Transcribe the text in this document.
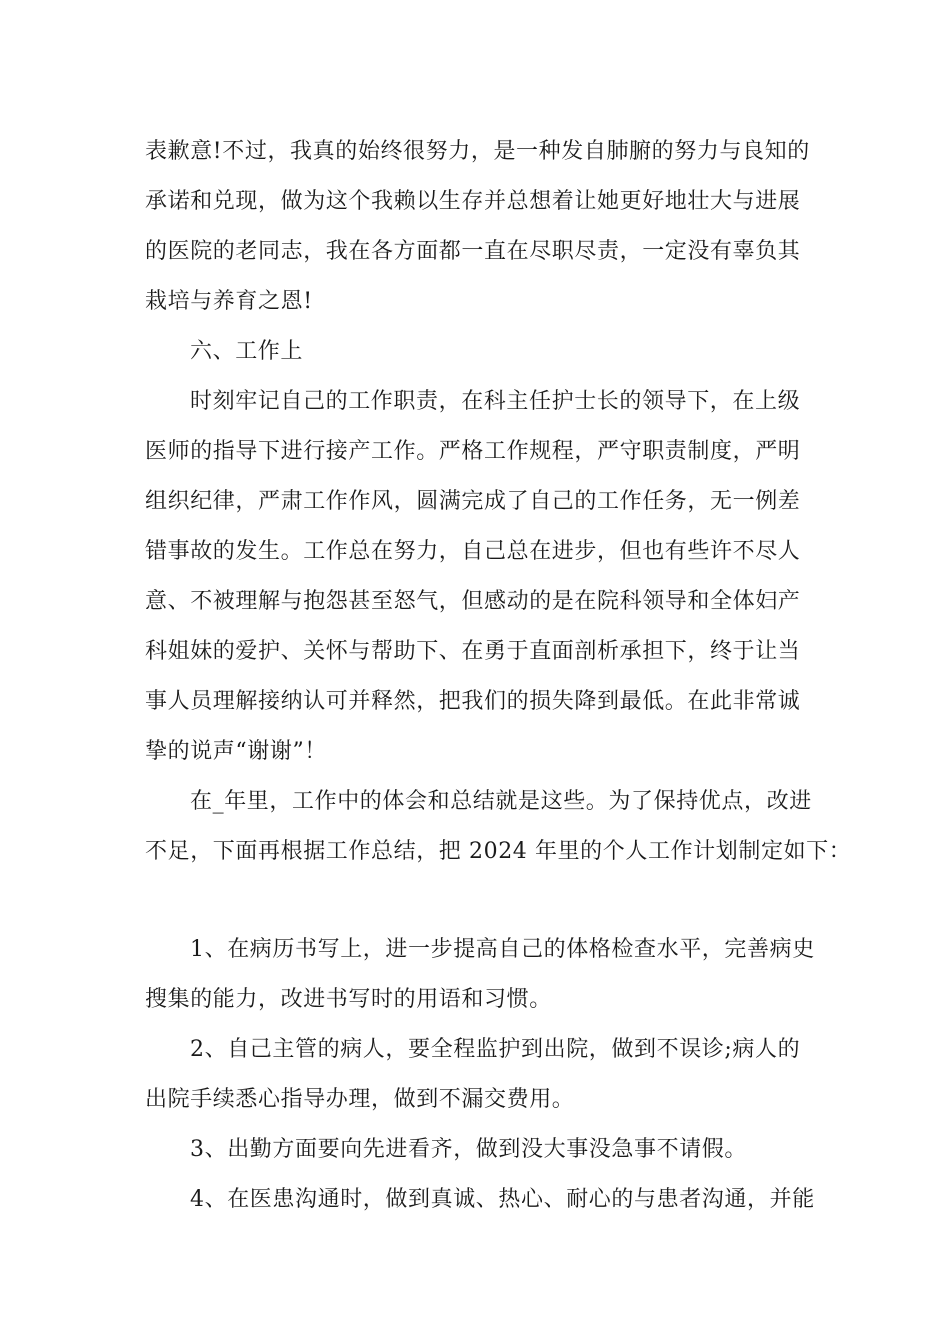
表歉意!不过，我真的始终很努力，是一种发自肺腑的努力与良知的
承诺和兑现，做为这个我赖以生存并总想着让她更好地壮大与进展
的医院的老同志，我在各方面都一直在尽职尽责，一定没有辜负其
栽培与养育之恩!
六、工作上
时刻牢记自己的工作职责，在科主任护士长的领导下，在上级
医师的指导下进行接产工作。严格工作规程，严守职责制度，严明
组织纪律，严肃工作作风，圆满完成了自己的工作任务，无一例差
错事故的发生。工作总在努力，自己总在进步，但也有些许不尽人
意、不被理解与抱怨甚至怒气，但感动的是在院科领导和全体妇产
科姐妹的爱护、关怀与帮助下、在勇于直面剖析承担下，终于让当
事人员理解接纳认可并释然，把我们的损失降到最低。在此非常诚
挚的说声“谢谢”！
在_年里，工作中的体会和总结就是这些。为了保持优点，改进
不足，下面再根据工作总结，把 2024 年里的个人工作计划制定如下：
1、在病历书写上，进一步提高自己的体格检查水平，完善病史
搜集的能力，改进书写时的用语和习惯。
2、自己主管的病人，要全程监护到出院，做到不误诊;病人的
出院手续悉心指导办理，做到不漏交费用。
3、出勤方面要向先进看齐，做到没大事没急事不请假。
4、在医患沟通时，做到真诚、热心、耐心的与患者沟通，并能
